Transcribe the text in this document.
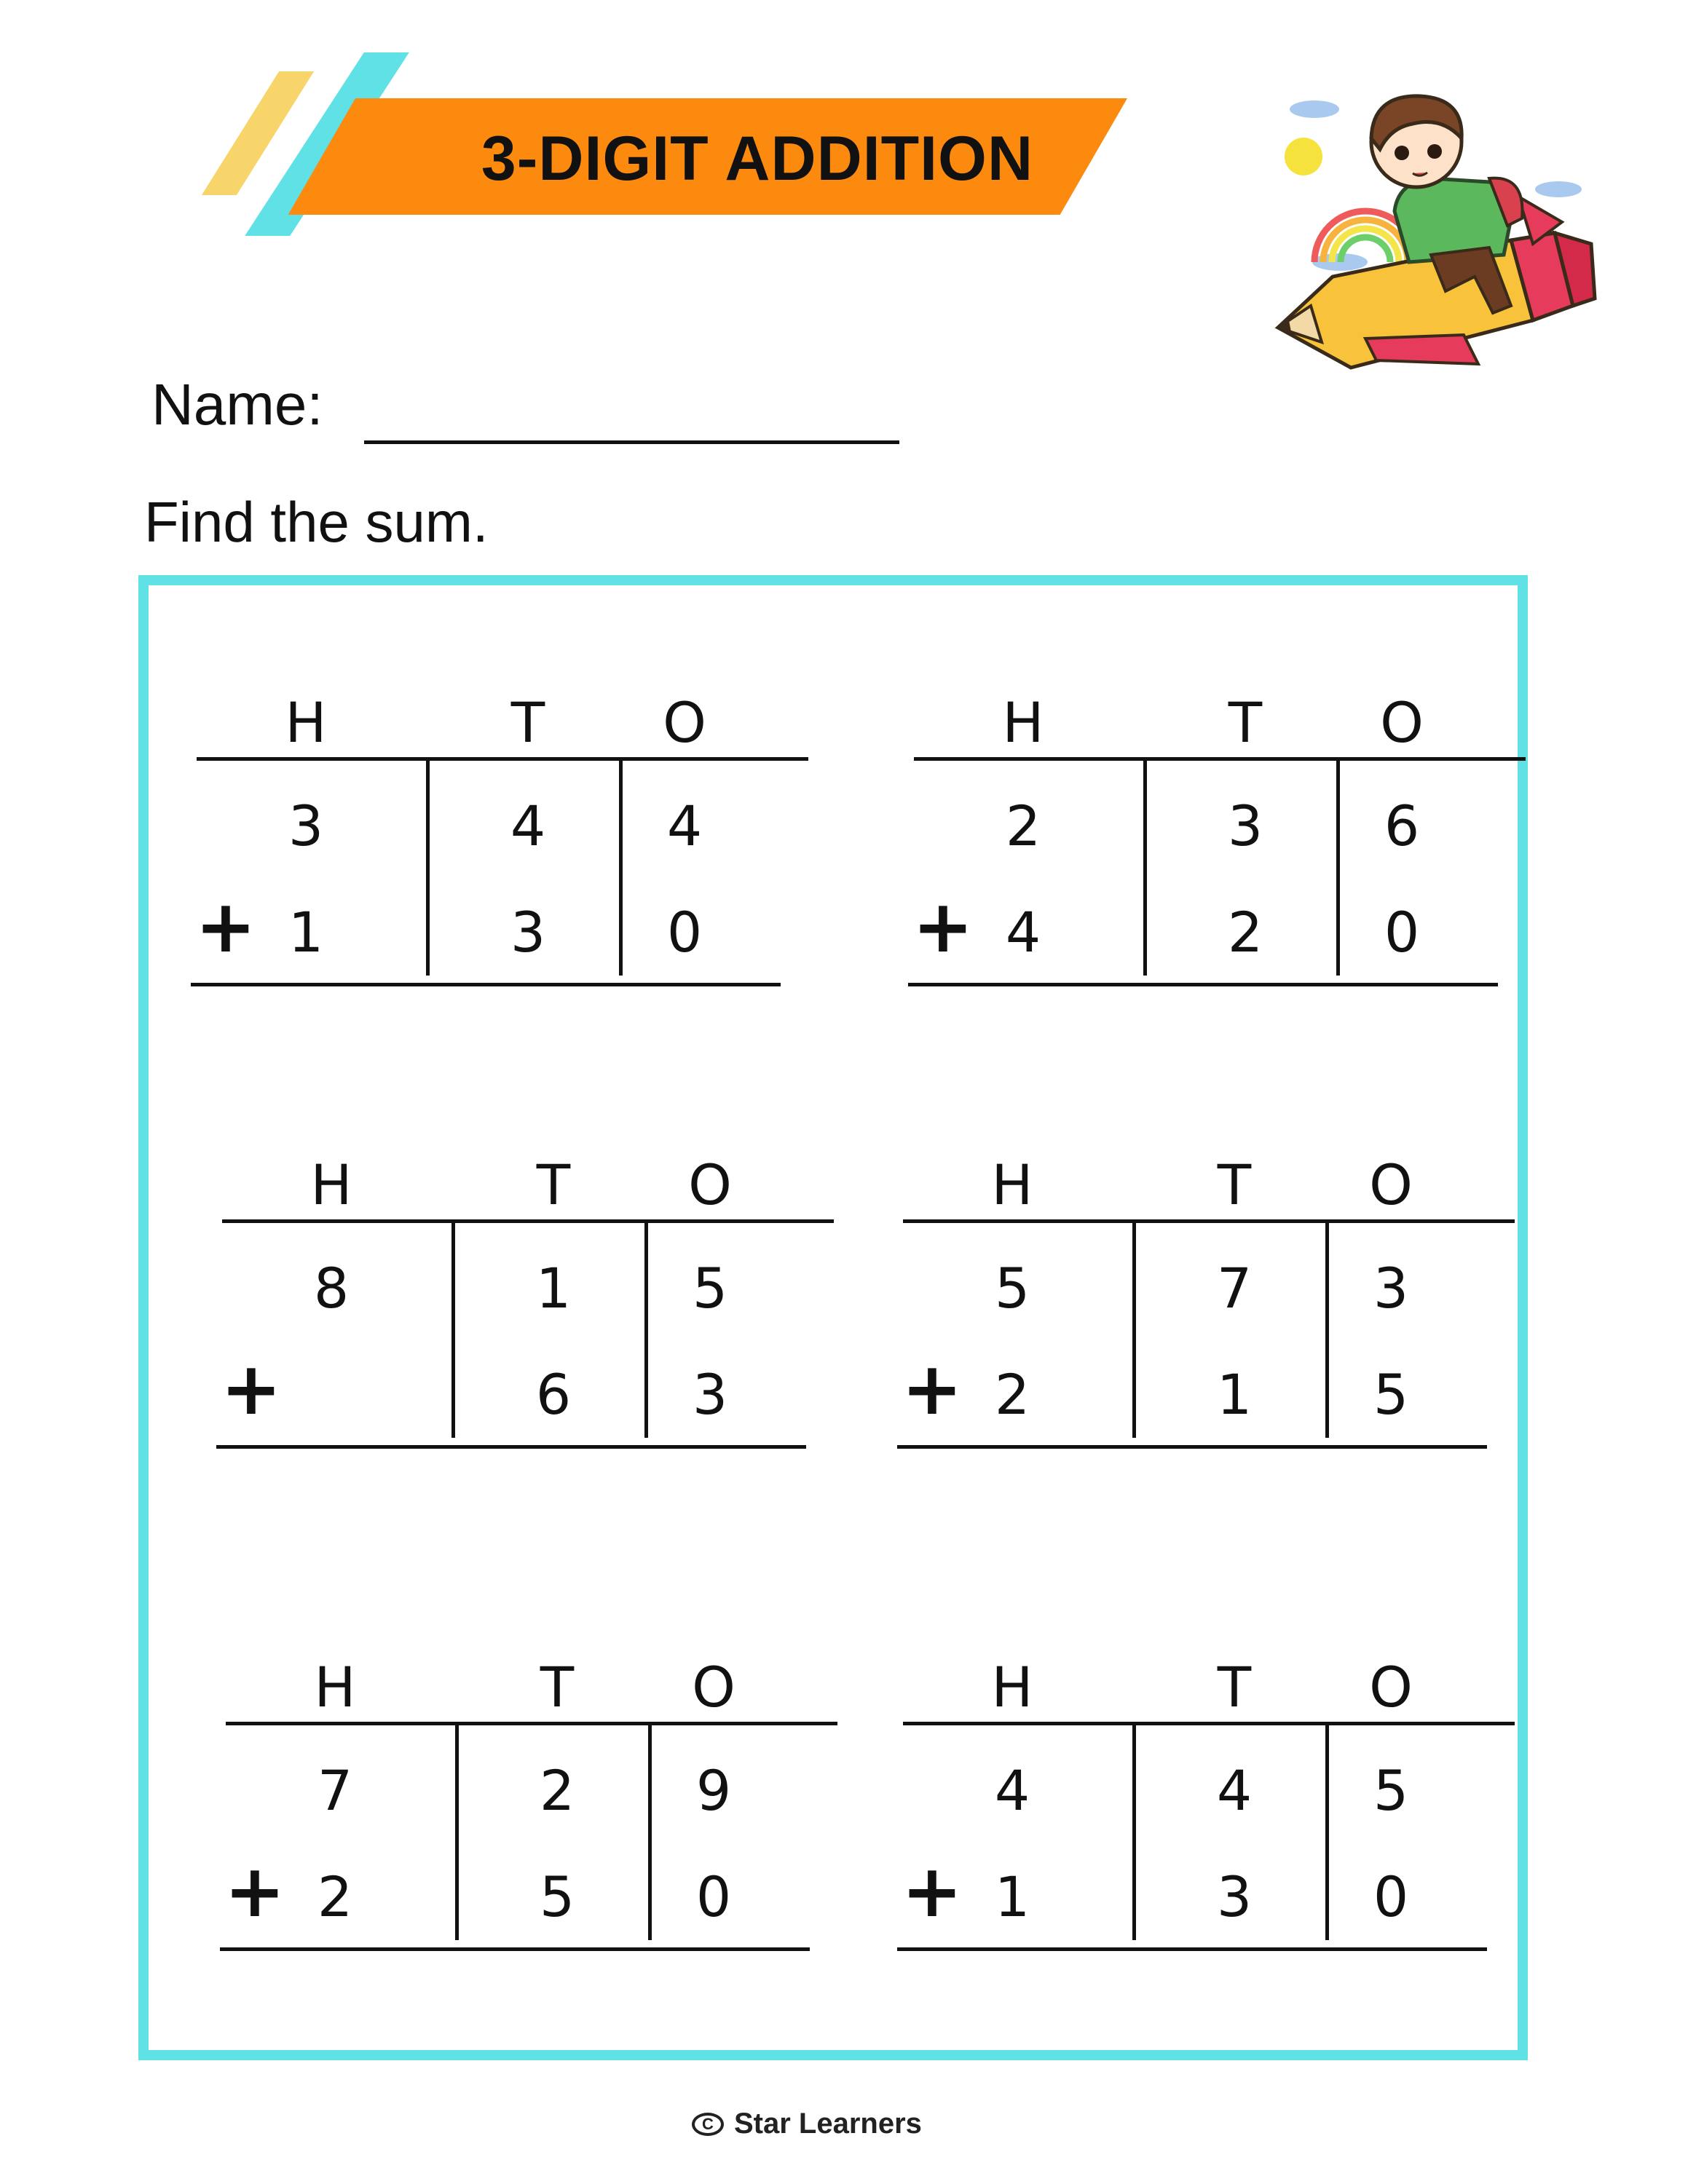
3-DIGIT ADDITION
Name:
Find the sum.
H	T	O
3	4	4
+ 1	3	0
H	T	O
2	3	6
+ 4	2	0
H	T	O
8	1	5
+	6	3
H	T	O
5	7	3
+ 2	1	5
H	T	O
7	2	9
+ 2	5	0
H	T	O
4	4	5
+ 1	3	0
C Star Learners
